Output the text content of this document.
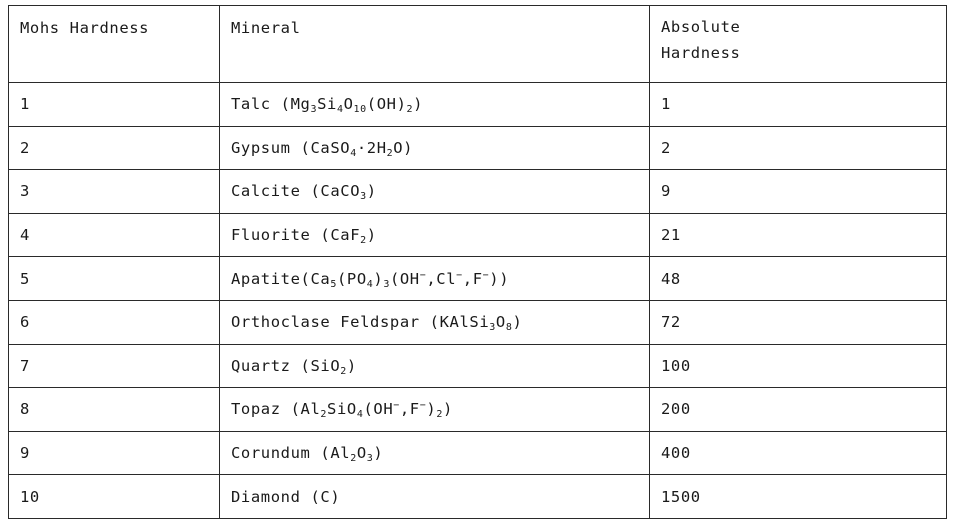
Mohs Hardness	Mineral	Absolute
Hardness

1	Talc $(Mg_3Si_4O_{10}(OH)_2)$	1
2	Gypsum $(CaSO_4\cdot 2H_2O)$	2
3	Calcite (CaCO$_3$)	9
4	Fluorite (CaF$_2$)	21
5	$Apatite(Ca_5(PO_4)_3(OH^-,Cl^-,F^-))$	48
6	Orthoclase Feldspar $(KAlSi_3O_8)$	72
7	Quartz (SiO$_2$)	100
8	Topaz $(Al_2SiO_4(OH^-,F^-)_2)$	200
9	Corundum $(Al_2O_3)$	400
10	Diamond (C)	1500
